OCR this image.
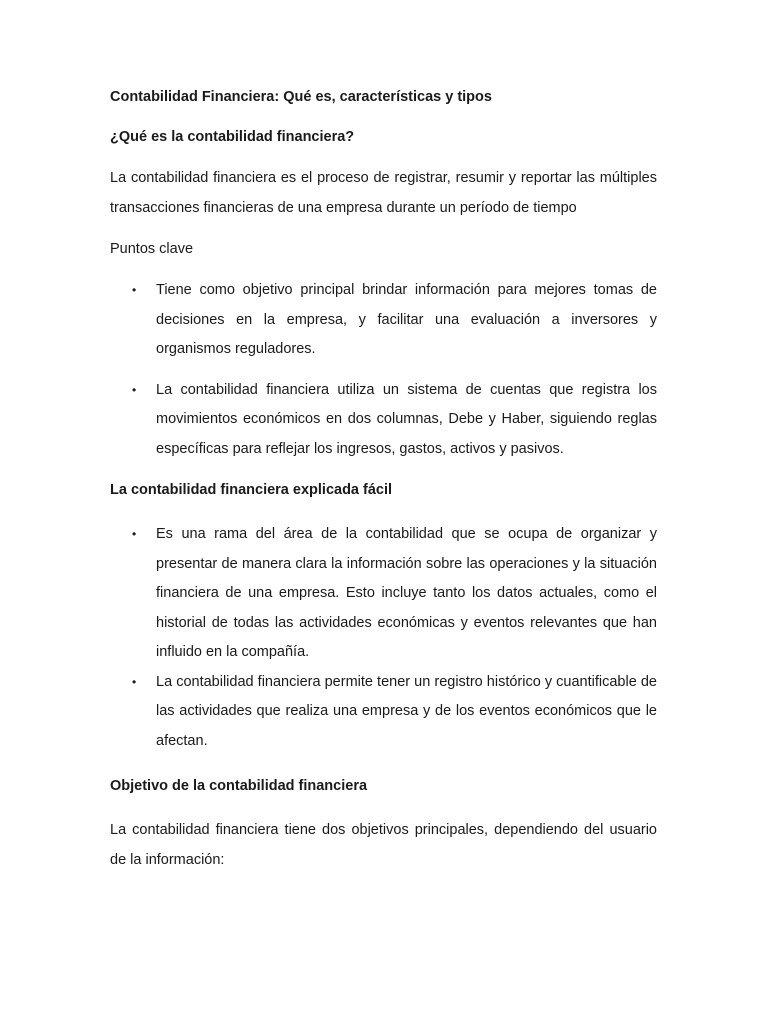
Contabilidad Financiera: Qué es, características y tipos

¿Qué es la contabilidad financiera?

La contabilidad financiera es el proceso de registrar, resumir y reportar las múltiples transacciones financieras de una empresa durante un período de tiempo

Puntos clave

• Tiene como objetivo principal brindar información para mejores tomas de decisiones en la empresa, y facilitar una evaluación a inversores y organismos reguladores.
• La contabilidad financiera utiliza un sistema de cuentas que registra los movimientos económicos en dos columnas, Debe y Haber, siguiendo reglas específicas para reflejar los ingresos, gastos, activos y pasivos.

La contabilidad financiera explicada fácil

• Es una rama del área de la contabilidad que se ocupa de organizar y presentar de manera clara la información sobre las operaciones y la situación financiera de una empresa. Esto incluye tanto los datos actuales, como el historial de todas las actividades económicas y eventos relevantes que han influido en la compañía.
• La contabilidad financiera permite tener un registro histórico y cuantificable de las actividades que realiza una empresa y de los eventos económicos que le afectan.

Objetivo de la contabilidad financiera

La contabilidad financiera tiene dos objetivos principales, dependiendo del usuario de la información:
